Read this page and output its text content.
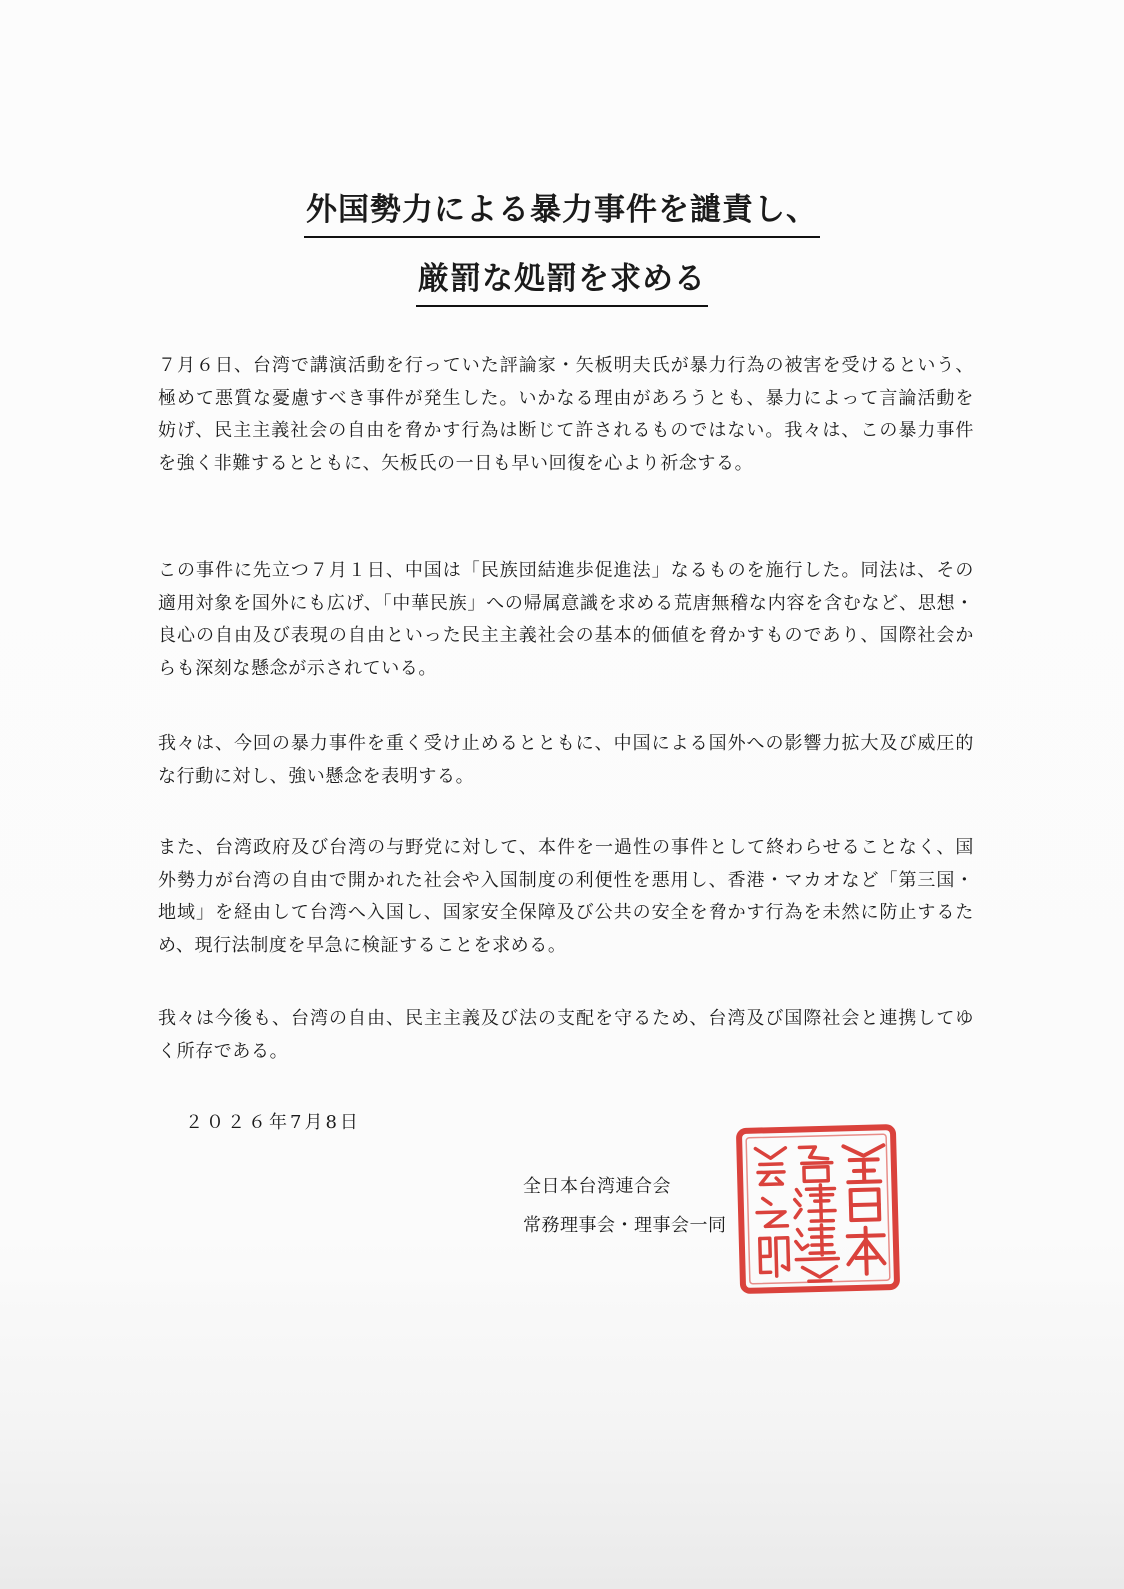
外国勢力による暴力事件を譴責し、
厳罰な処罰を求める

７月６日、台湾で講演活動を行っていた評論家・矢板明夫氏が暴力行為の被害を受けるという、極めて悪質な憂慮すべき事件が発生した。いかなる理由があろうとも、暴力によって言論活動を妨げ、民主主義社会の自由を脅かす行為は断じて許されるものではない。我々は、この暴力事件を強く非難するとともに、矢板氏の一日も早い回復を心より祈念する。

この事件に先立つ７月１日、中国は「民族団結進歩促進法」なるものを施行した。同法は、その適用対象を国外にも広げ、「中華民族」への帰属意識を求める荒唐無稽な内容を含むなど、思想・良心の自由及び表現の自由といった民主主義社会の基本的価値を脅かすものであり、国際社会からも深刻な懸念が示されている。

我々は、今回の暴力事件を重く受け止めるとともに、中国による国外への影響力拡大及び威圧的な行動に対し、強い懸念を表明する。

また、台湾政府及び台湾の与野党に対して、本件を一過性の事件として終わらせることなく、国外勢力が台湾の自由で開かれた社会や入国制度の利便性を悪用し、香港・マカオなど「第三国・地域」を経由して台湾へ入国し、国家安全保障及び公共の安全を脅かす行為を未然に防止するため、現行法制度を早急に検証することを求める。

我々は今後も、台湾の自由、民主主義及び法の支配を守るため、台湾及び国際社会と連携してゆく所存である。

２０２６年7月8日
全日本台湾連合会
常務理事会・理事会一同
